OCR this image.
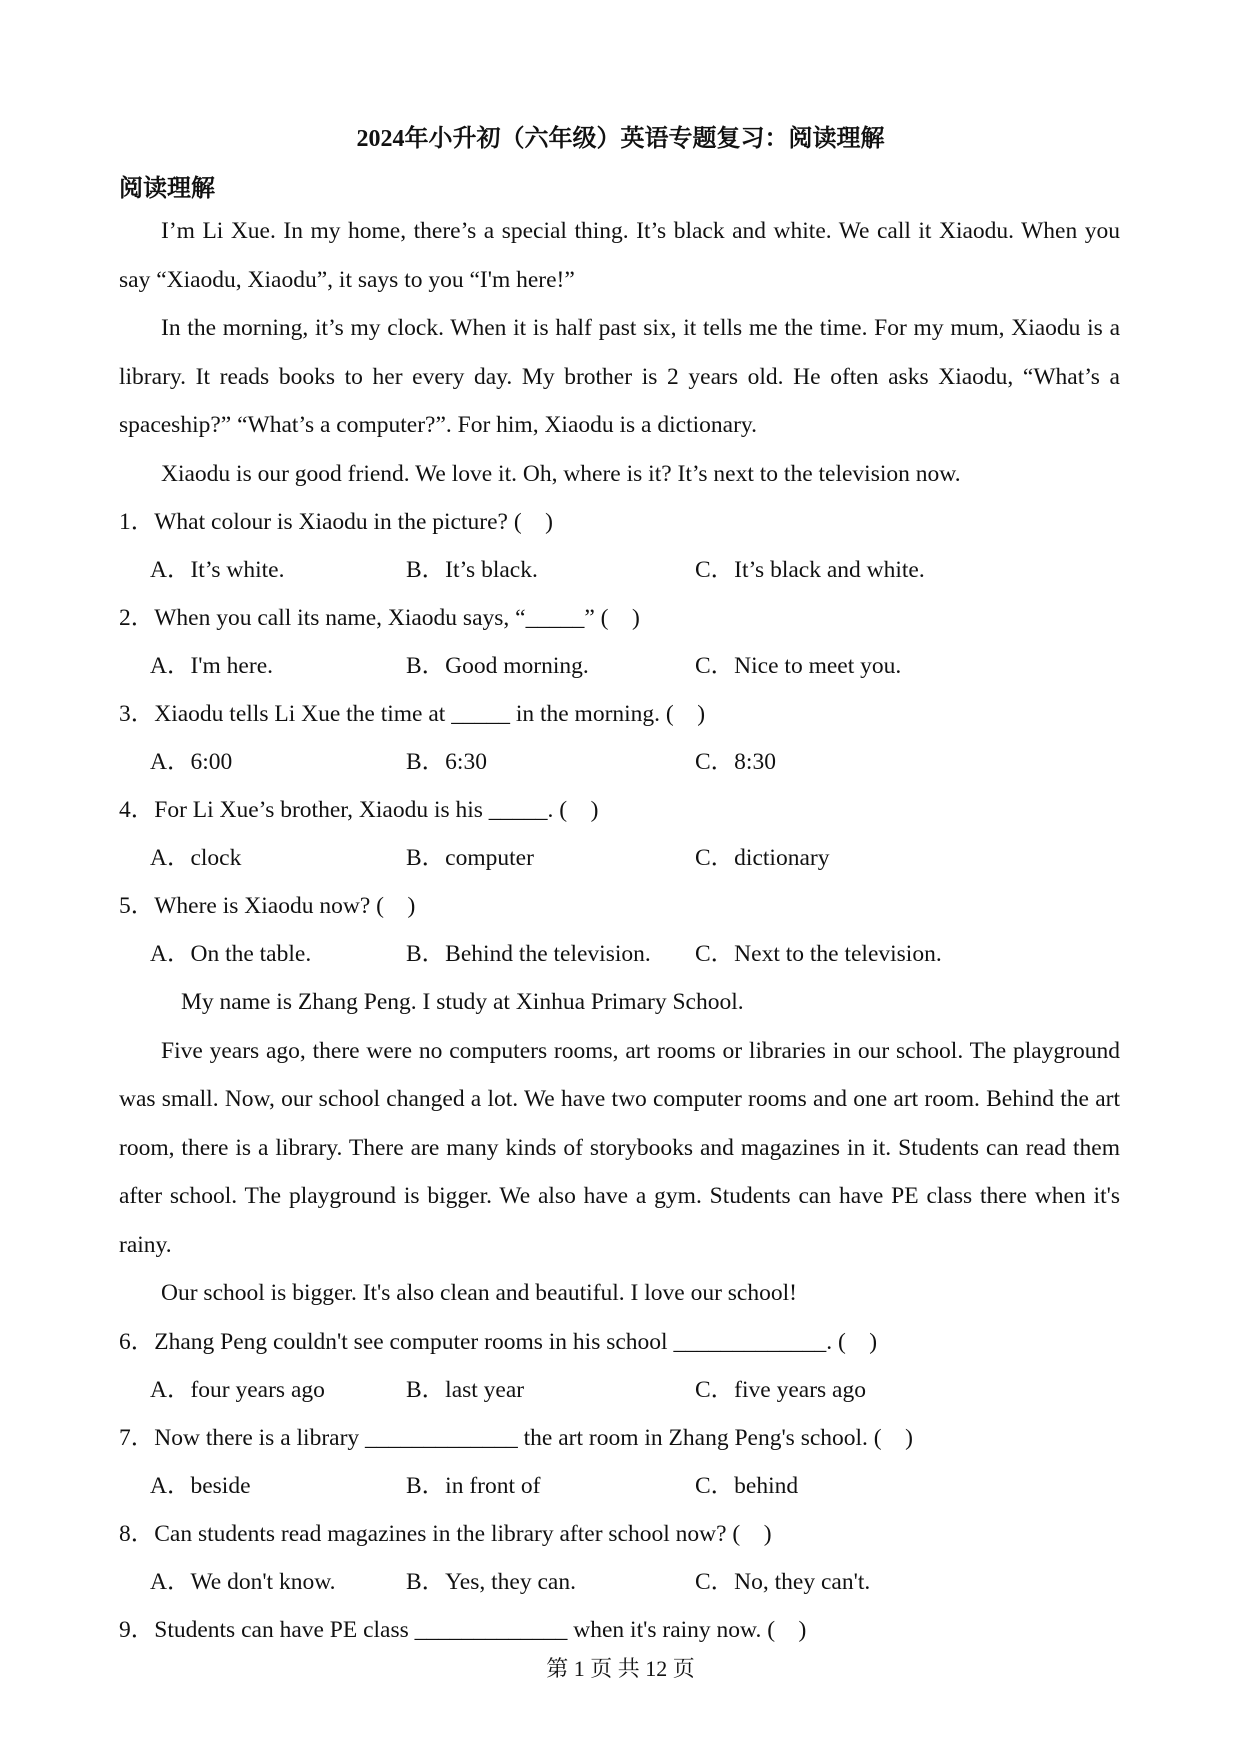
2024年小升初（六年级）英语专题复习：阅读理解
阅读理解

I’m Li Xue. In my home, there’s a special thing. It’s black and white. We call it Xiaodu. When you say “Xiaodu, Xiaodu”, it says to you “I'm here!”

In the morning, it’s my clock. When it is half past six, it tells me the time. For my mum, Xiaodu is a library. It reads books to her every day. My brother is 2 years old. He often asks Xiaodu, “What’s a spaceship?” “What’s a computer?”. For him, Xiaodu is a dictionary.

Xiaodu is our good friend. We love it. Oh, where is it? It’s next to the television now.

1．What colour is Xiaodu in the picture? (    )
A．It’s white.	B．It’s black.	C．It’s black and white.
2．When you call its name, Xiaodu says, “_____” (    )
A．I'm here.	B．Good morning.	C．Nice to meet you.
3．Xiaodu tells Li Xue the time at _____ in the morning. (    )
A．6:00	B．6:30	C．8:30
4．For Li Xue’s brother, Xiaodu is his _____. (    )
A．clock	B．computer	C．dictionary
5．Where is Xiaodu now? (    )
A．On the table.	B．Behind the television. C．Next to the television.

My name is Zhang Peng. I study at Xinhua Primary School.

Five years ago, there were no computers rooms, art rooms or libraries in our school. The playground was small. Now, our school changed a lot. We have two computer rooms and one art room. Behind the art room, there is a library. There are many kinds of storybooks and magazines in it. Students can read them after school. The playground is bigger. We also have a gym. Students can have PE class there when it's rainy.

Our school is bigger. It's also clean and beautiful. I love our school!

6．Zhang Peng couldn't see computer rooms in his school _____________. (    )
A．four years ago	B．last year	C．five years ago
7．Now there is a library _____________ the art room in Zhang Peng's school. (    )
A．beside	B．in front of	C．behind
8．Can students read magazines in the library after school now? (    )
A．We don't know.	B．Yes, they can.	C．No, they can't.
9．Students can have PE class _____________ when it's rainy now. (    )
第 1 页 共 12 页
